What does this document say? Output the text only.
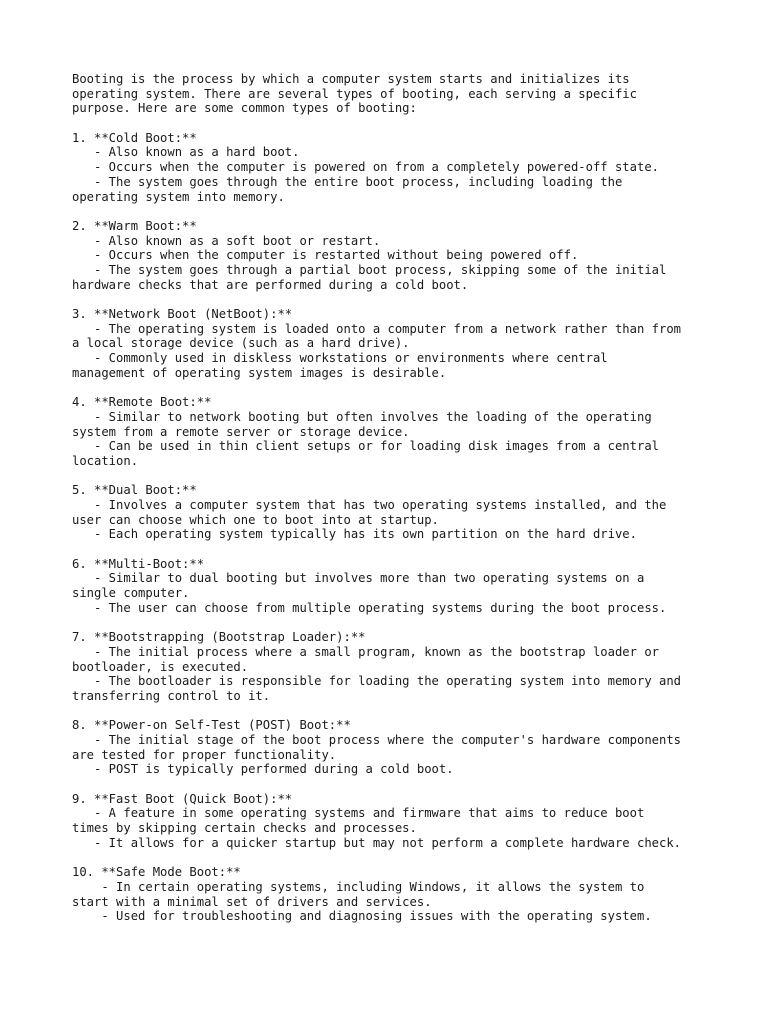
Booting is the process by which a computer system starts and initializes its
operating system. There are several types of booting, each serving a specific
purpose. Here are some common types of booting:
1. **Cold Boot:**
- Also known as a hard boot.
- Occurs when the computer is powered on from a completely powered-off state.
- The system goes through the entire boot process, including loading the
operating system into memory.
2. **Warm Boot:**
- Also known as a soft boot or restart.
- Occurs when the computer is restarted without being powered off.
- The system goes through a partial boot process, skipping some of the initial
hardware checks that are performed during a cold boot.
3. **Network Boot (NetBoot):**
- The operating system is loaded onto a computer from a network rather than from
a local storage device (such as a hard drive).
- Commonly used in diskless workstations or environments where central
management of operating system images is desirable.
4. **Remote Boot:**
- Similar to network booting but often involves the loading of the operating
system from a remote server or storage device.
- Can be used in thin client setups or for loading disk images from a central
location.
5. **Dual Boot:**
- Involves a computer system that has two operating systems installed, and the
user can choose which one to boot into at startup.
- Each operating system typically has its own partition on the hard drive.
6. **Multi-Boot:**
- Similar to dual booting but involves more than two operating systems on a
single computer.
- The user can choose from multiple operating systems during the boot process.
7. **Bootstrapping (Bootstrap Loader):**
- The initial process where a small program, known as the bootstrap loader or
bootloader, is executed.
- The bootloader is responsible for loading the operating system into memory and
transferring control to it.
8. **Power-on Self-Test (POST) Boot:**
- The initial stage of the boot process where the computer's hardware components
are tested for proper functionality.
- POST is typically performed during a cold boot.
9. **Fast Boot (Quick Boot):**
- A feature in some operating systems and firmware that aims to reduce boot
times by skipping certain checks and processes.
- It allows for a quicker startup but may not perform a complete hardware check.
10. **Safe Mode Boot:**
- In certain operating systems, including Windows, it allows the system to
start with a minimal set of drivers and services.
- Used for troubleshooting and diagnosing issues with the operating system.
